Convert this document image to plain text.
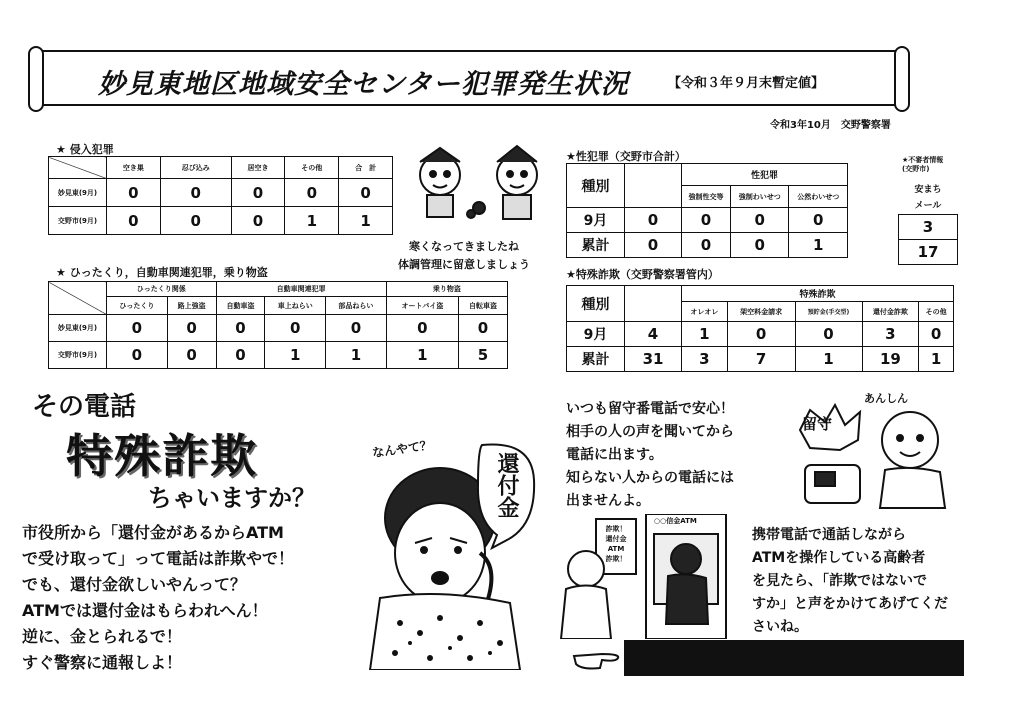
妙見東地区地域安全センター犯罪発生状況	【令和３年９月末暫定値】
令和3年10月　交野警察署
★ 侵入犯罪
	空き巣	忍び込み	居空き	その他	合　計
妙見東(9月)	0	0	0	0	0
交野市(9月)	0	0	0	1	1
★ ひったくり，自動車関連犯罪，乗り物盗
	ひったくり関係		自動車関連犯罪			乗り物盗	
	ひったくり	路上強盗	自動車盗	車上ねらい	部品ねらい	オートバイ盗	自転車盗
妙見東(9月)	0	0	0	0	0	0	0
交野市(9月)	0	0	0	1	1	1	5
寒くなってきましたね
体調管理に留意しましょう
★性犯罪（交野市合計）
種別		性犯罪		
		強制性交等	強制わいせつ	公然わいせつ
9月	0	0	0	0
累計	0	0	0	1
★不審者情報
(交野市)
安まち
メール
3
17
★特殊詐欺（交野警察署管内）
種別		特殊詐欺				
		オレオレ	架空料金請求	預貯金(手交型)	還付金詐欺	その他
9月	4	1	0	0	3	0
累計	31	3	7	1	19	1
その電話
特殊詐欺
ちゃいますか？
市役所から「還付金があるからATM
で受け取って」って電話は詐欺やで！
でも、還付金欲しいやんって？
ATMでは還付金はもらわれへん！
逆に、金とられるで！
すぐ警察に通報しよ！
なんやて？
還付金
いつも留守番電話で安心！
相手の人の声を聞いてから
電話に出ます。
知らない人からの電話には
出ませんよ。
あんしん
留守
○○信金ATM
詐欺！
還付金
ATM
詐欺！
携帯電話で通話しながら
ATMを操作している高齢者
を見たら、「詐欺ではないで
すか」と声をかけてあげてくだ
さいね。
